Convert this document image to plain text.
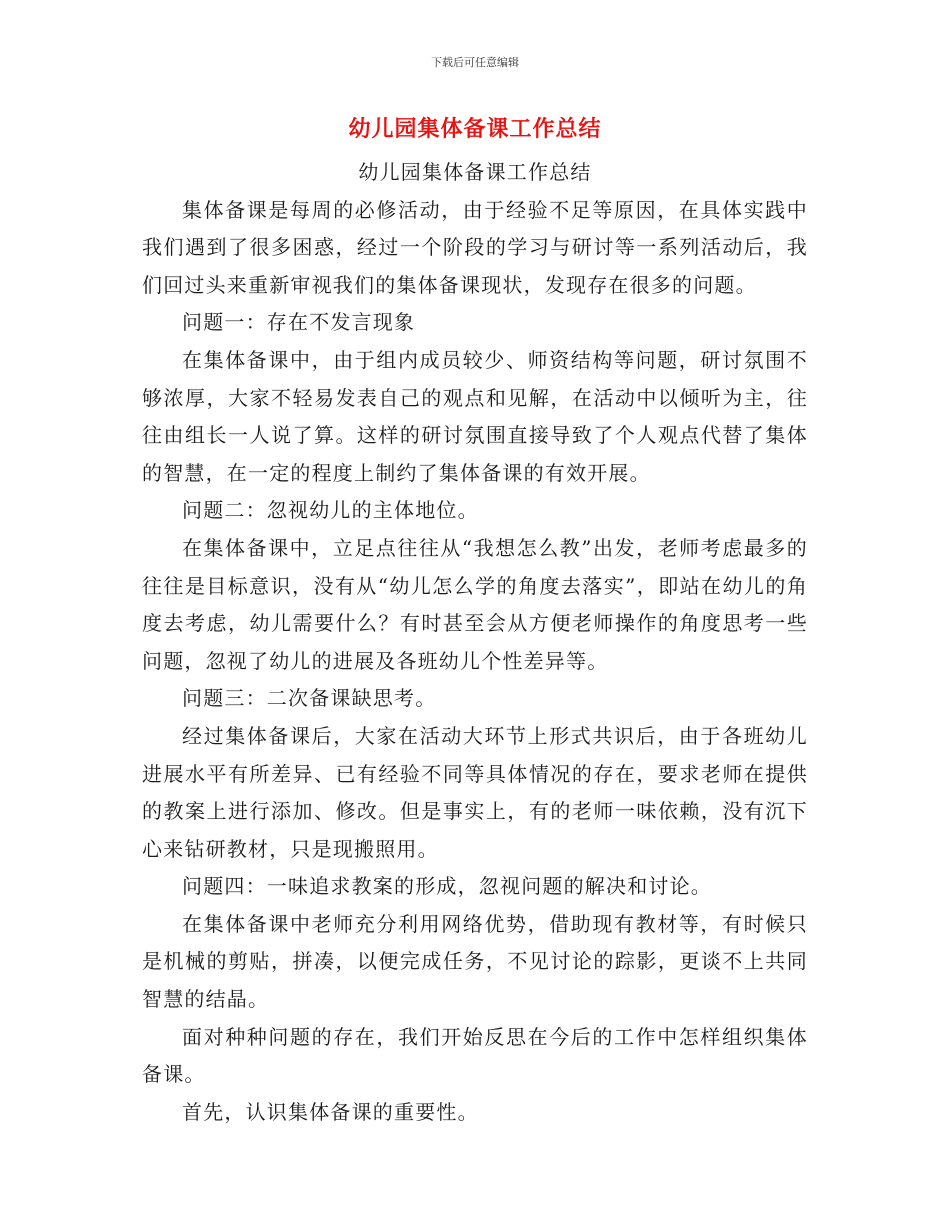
下载后可任意编辑
幼儿园集体备课工作总结

幼儿园集体备课工作总结

集体备课是每周的必修活动，由于经验不足等原因，在具体实践中我们遇到了很多困惑，经过一个阶段的学习与研讨等一系列活动后，我们回过头来重新审视我们的集体备课现状，发现存在很多的问题。

问题一：存在不发言现象

在集体备课中，由于组内成员较少、师资结构等问题，研讨氛围不够浓厚，大家不轻易发表自己的观点和见解，在活动中以倾听为主，往往由组长一人说了算。这样的研讨氛围直接导致了个人观点代替了集体的智慧，在一定的程度上制约了集体备课的有效开展。

问题二：忽视幼儿的主体地位。

在集体备课中，立足点往往从“我想怎么教”出发，老师考虑最多的往往是目标意识，没有从“幼儿怎么学的角度去落实”，即站在幼儿的角度去考虑，幼儿需要什么？有时甚至会从方便老师操作的角度思考一些问题，忽视了幼儿的进展及各班幼儿个性差异等。

问题三：二次备课缺思考。

经过集体备课后，大家在活动大环节上形式共识后，由于各班幼儿进展水平有所差异、已有经验不同等具体情况的存在，要求老师在提供的教案上进行添加、修改。但是事实上，有的老师一味依赖，没有沉下心来钻研教材，只是现搬照用。

问题四：一味追求教案的形成，忽视问题的解决和讨论。

在集体备课中老师充分利用网络优势，借助现有教材等，有时候只是机械的剪贴，拼凑，以便完成任务，不见讨论的踪影，更谈不上共同智慧的结晶。

面对种种问题的存在，我们开始反思在今后的工作中怎样组织集体备课。

首先，认识集体备课的重要性。
